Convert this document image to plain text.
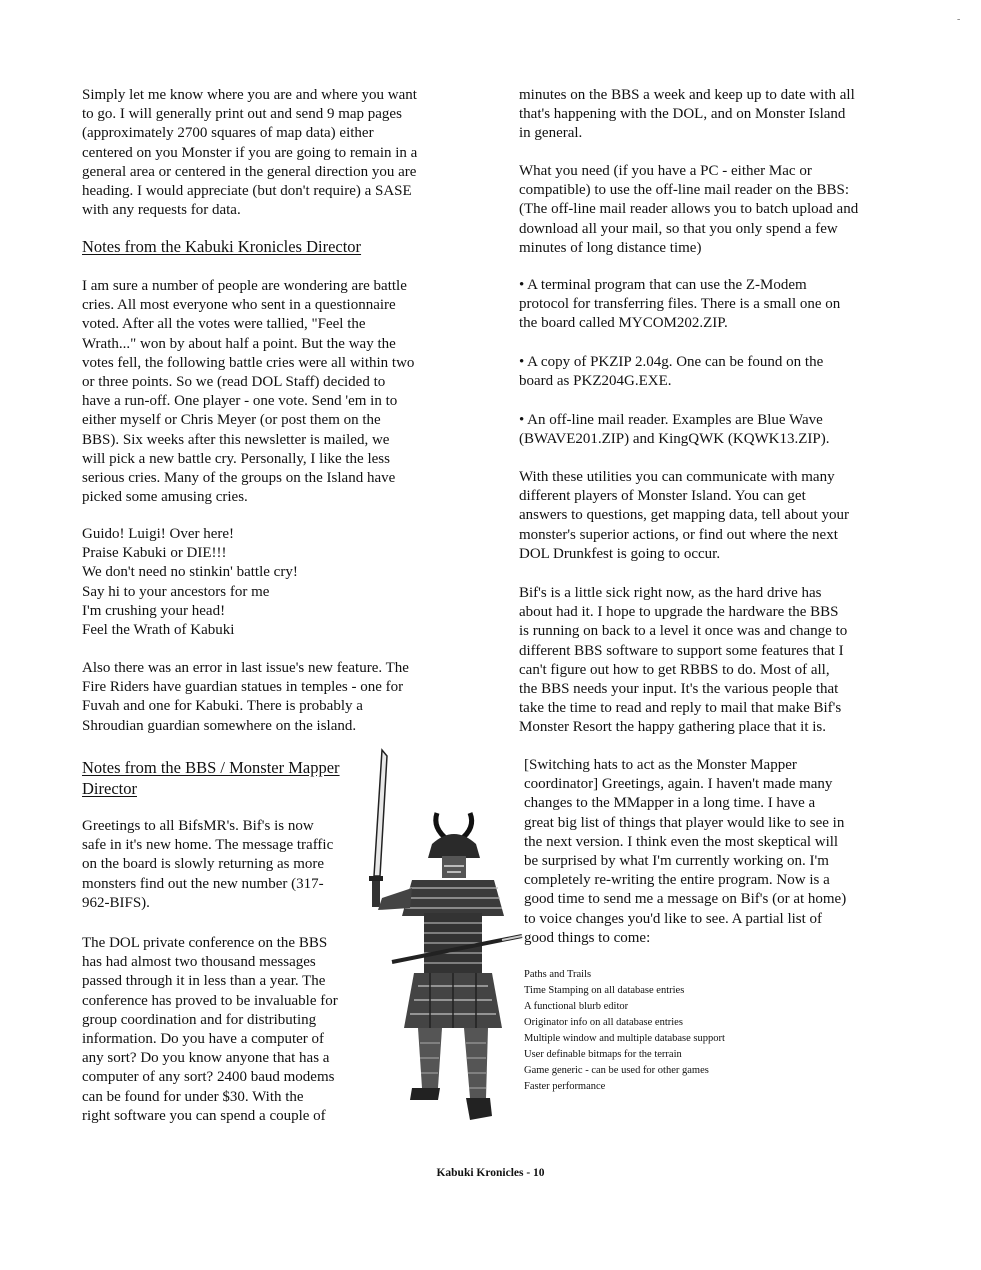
-
Simply let me know where you are and where you want
to go. I will generally print out and send 9 map pages
(approximately 2700 squares of map data) either
centered on you Monster if you are going to remain in a
general area or centered in the general direction you are
heading. I would appreciate (but don't require) a SASE
with any requests for data.
Notes from the Kabuki Kronicles Director
I am sure a number of people are wondering are battle
cries. All most everyone who sent in a questionnaire
voted. After all the votes were tallied, "Feel the
Wrath..." won by about half a point. But the way the
votes fell, the following battle cries were all within two
or three points. So we (read DOL Staff) decided to
have a run-off. One player - one vote. Send 'em in to
either myself or Chris Meyer (or post them on the
BBS). Six weeks after this newsletter is mailed, we
will pick a new battle cry. Personally, I like the less
serious cries. Many of the groups on the Island have
picked some amusing cries.
Guido! Luigi! Over here!
Praise Kabuki or DIE!!!
We don't need no stinkin' battle cry!
Say hi to your ancestors for me
I'm crushing your head!
Feel the Wrath of Kabuki
Also there was an error in last issue's new feature. The
Fire Riders have guardian statues in temples - one for
Fuvah and one for Kabuki. There is probably a
Shroudian guardian somewhere on the island.
Notes from the BBS / Monster Mapper
Director
Greetings to all BifsMR's. Bif's is now
safe in it's new home. The message traffic
on the board is slowly returning as more
monsters find out the new number (317-
962-BIFS).
The DOL private conference on the BBS
has had almost two thousand messages
passed through it in less than a year. The
conference has proved to be invaluable for
group coordination and for distributing
information. Do you have a computer of
any sort? Do you know anyone that has a
computer of any sort? 2400 baud modems
can be found for under $30. With the
right software you can spend a couple of
minutes on the BBS a week and keep up to date with all
that's happening with the DOL, and on Monster Island
in general.
What you need (if you have a PC - either Mac or
compatible) to use the off-line mail reader on the BBS:
(The off-line mail reader allows you to batch upload and
download all your mail, so that you only spend a few
minutes of long distance time)
• A terminal program that can use the Z-Modem
protocol for transferring files. There is a small one on
the board called MYCOM202.ZIP.
• A copy of PKZIP 2.04g. One can be found on the
board as PKZ204G.EXE.
• An off-line mail reader. Examples are Blue Wave
(BWAVE201.ZIP) and KingQWK (KQWK13.ZIP).
With these utilities you can communicate with many
different players of Monster Island. You can get
answers to questions, get mapping data, tell about your
monster's superior actions, or find out where the next
DOL Drunkfest is going to occur.
Bif's is a little sick right now, as the hard drive has
about had it. I hope to upgrade the hardware the BBS
is running on back to a level it once was and change to
different BBS software to support some features that I
can't figure out how to get RBBS to do. Most of all,
the BBS needs your input. It's the various people that
take the time to read and reply to mail that make Bif's
Monster Resort the happy gathering place that it is.
[Switching hats to act as the Monster Mapper
coordinator] Greetings, again. I haven't made many
changes to the MMapper in a long time. I have a
great big list of things that player would like to see in
the next version. I think even the most skeptical will
be surprised by what I'm currently working on. I'm
completely re-writing the entire program. Now is a
good time to send me a message on Bif's (or at home)
to voice changes you'd like to see. A partial list of
good things to come:
Paths and Trails
Time Stamping on all database entries
A functional blurb editor
Originator info on all database entries
Multiple window and multiple database support
User definable bitmaps for the terrain
Game generic - can be used for other games
Faster performance
Kabuki Kronicles - 10
